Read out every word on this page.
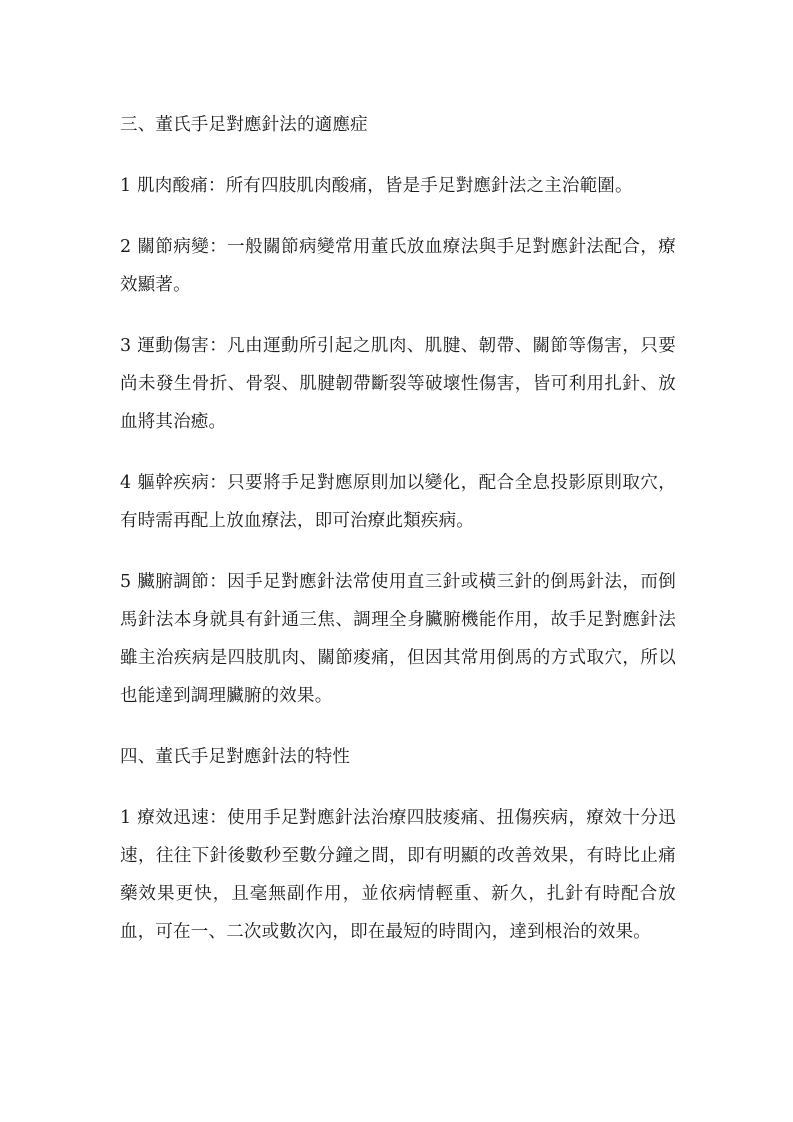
三、董氏手足對應針法的適應症

1 肌肉酸痛：所有四肢肌肉酸痛，皆是手足對應針法之主治範圍。

2 關節病變：一般關節病變常用董氏放血療法與手足對應針法配合，療效顯著。

3 運動傷害：凡由運動所引起之肌肉、肌腱、韌帶、關節等傷害，只要尚未發生骨折、骨裂、肌腱韌帶斷裂等破壞性傷害，皆可利用扎針、放血將其治癒。

4 軀幹疾病：只要將手足對應原則加以變化，配合全息投影原則取穴，有時需再配上放血療法，即可治療此類疾病。

5 臟腑調節：因手足對應針法常使用直三針或橫三針的倒馬針法，而倒馬針法本身就具有針通三焦、調理全身臟腑機能作用，故手足對應針法雖主治疾病是四肢肌肉、關節痠痛，但因其常用倒馬的方式取穴，所以也能達到調理臟腑的效果。

四、董氏手足對應針法的特性

1 療效迅速：使用手足對應針法治療四肢痠痛、扭傷疾病，療效十分迅速，往往下針後數秒至數分鐘之間，即有明顯的改善效果，有時比止痛藥效果更快，且毫無副作用，並依病情輕重、新久，扎針有時配合放血，可在一、二次或數次內，即在最短的時間內，達到根治的效果。
